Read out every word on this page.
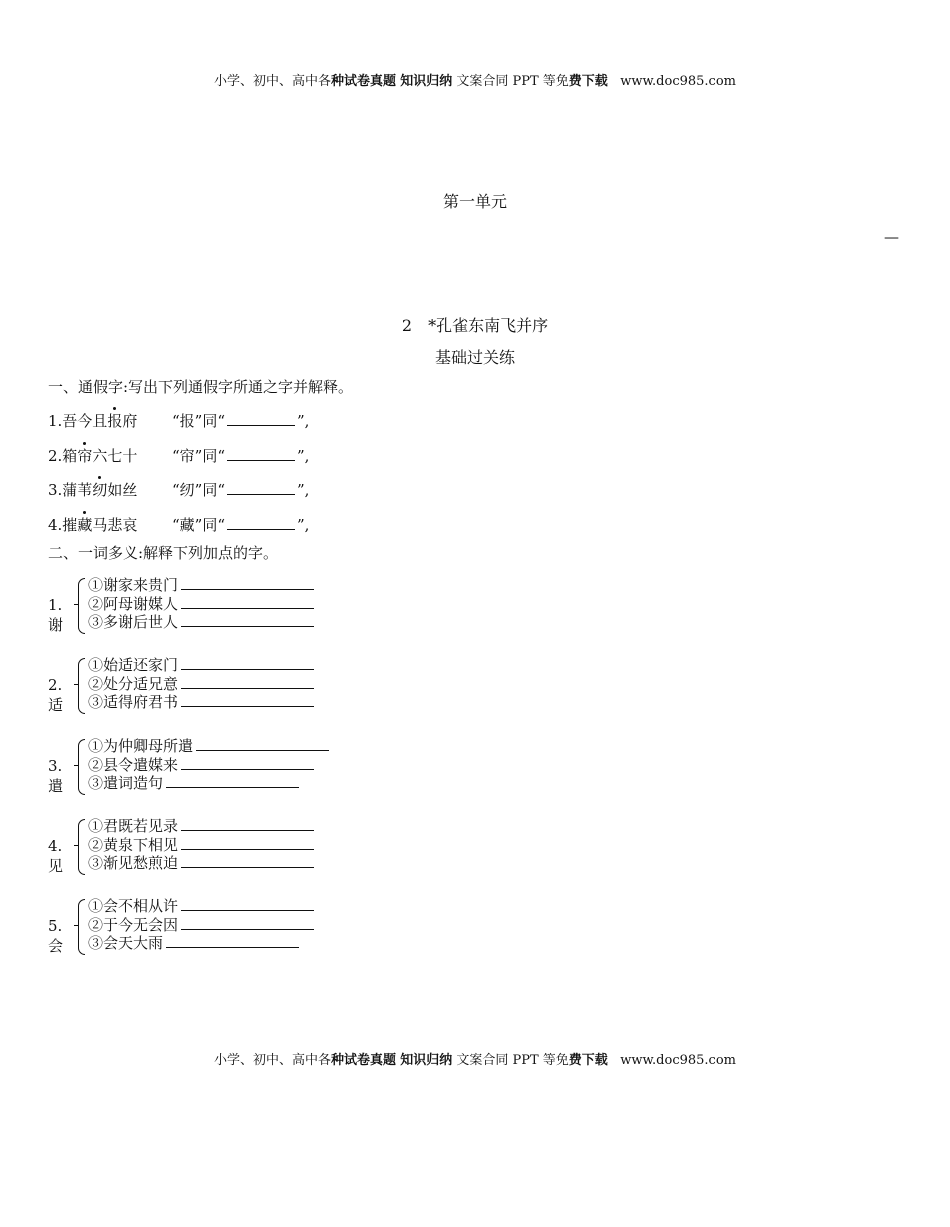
小学、初中、高中各种试卷真题 知识归纳 文案合同 PPT 等免费下载 www.doc985.com
第一单元
—
2　*孔雀东南飞并序
基础过关练
一、通假字:写出下列通假字所通之字并解释。
二、一词多义:解释下列加点的字。
小学、初中、高中各种试卷真题 知识归纳 文案合同 PPT 等免费下载 www.doc985.com
1.吾今且报府 “报”同“	”,
2.箱帘六七十 “帘”同“	”,
3.蒲苇纫如丝 “纫”同“	”,
4.摧藏马悲哀 “藏”同“	”,
1.谢
①谢家来贵门
②阿母谢媒人
③多谢后世人
2.适
①始适还家门
②处分适兄意
③适得府君书
3.遣
①为仲卿母所遣
②县令遣媒来
③遣词造句
4.见
①君既若见录
②黄泉下相见
③渐见愁煎迫
5.会
①会不相从许
②于今无会因
③会天大雨
